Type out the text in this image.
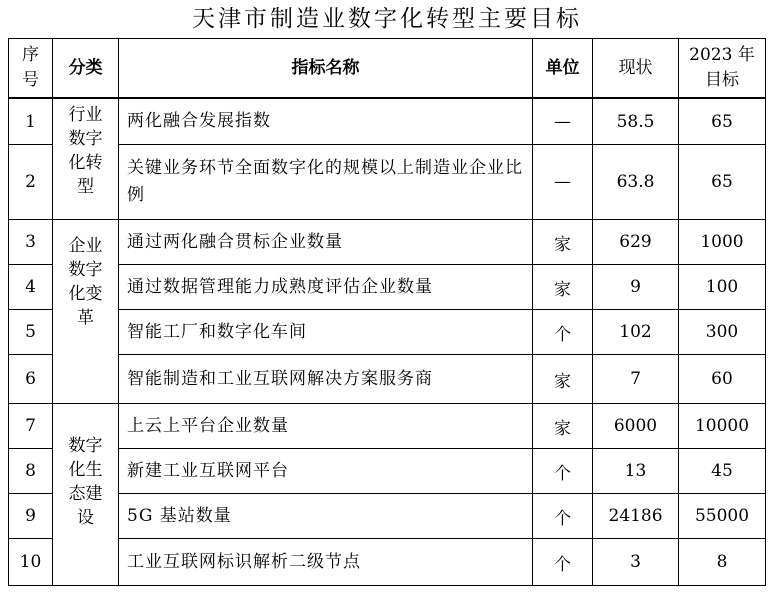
天津市制造业数字化转型主要目标
序号	分类	指标名称	单位	现状	2023 年目标

1	行业数字化转型	两化融合发展指数	—	58.5	65
2		关键业务环节全面数字化的规模以上制造业企业比例	—	63.8	65
3	企业数字化变革	通过两化融合贯标企业数量	家	629	1000
4		通过数据管理能力成熟度评估企业数量	家	9	100
5		智能工厂和数字化车间	个	102	300
6		智能制造和工业互联网解决方案服务商	家	7	60
7	数字化生态建设	上云上平台企业数量	家	6000	10000
8		新建工业互联网平台	个	13	45
9		5G 基站数量	个	24186	55000
10		工业互联网标识解析二级节点	个	3	8
